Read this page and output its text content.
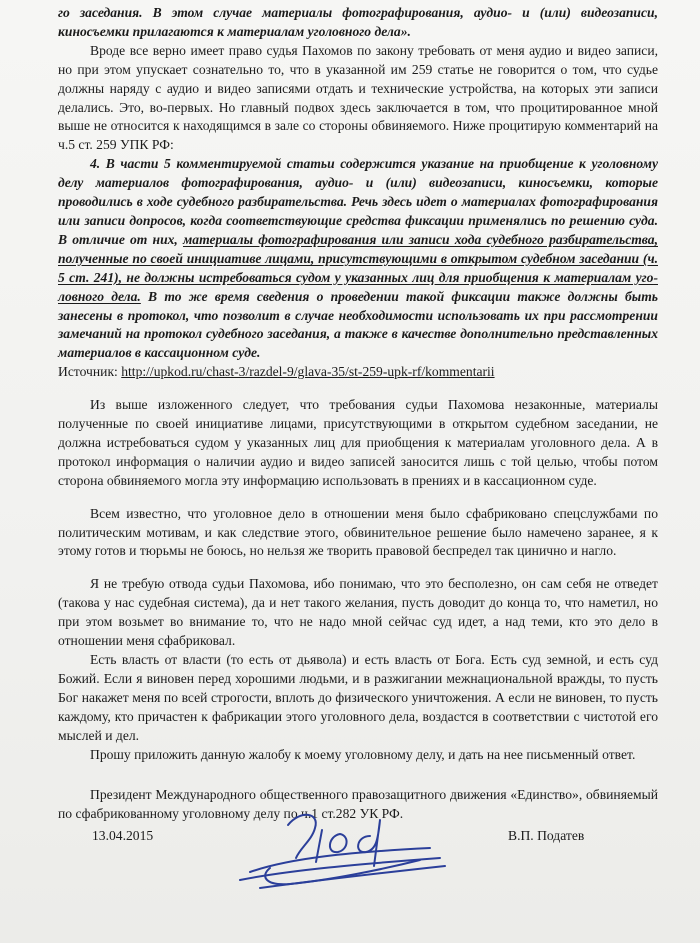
го заседания. В этом случае материалы фотографирования, аудио- и (или) видеозаписи, киносъемки прилагаются к материалам уголовного дела».

Вроде все верно имеет право судья Пахомов по закону требовать от меня аудио и видео записи, но при этом упускает сознательно то, что в указанной им 259 статье не говорится о том, что судье должны наряду с аудио и видео записями отдать и технические устройства, на которых эти записи делались. Это, во-первых. Но главный подвох здесь заключается в том, что процитированное мной выше не относится к находящимся в зале со стороны обвиняемого. Ниже процитирую комментарий на ч.5 ст. 259 УПК РФ:

4. В части 5 комментируемой статьи содержится указание на приобщение к уголовному делу материалов фотографирования, аудио- и (или) видеозаписи, киносъемки, которые проводились в ходе судебного разбирательства. Речь здесь идет о материалах фотографирования или записи допросов, когда соответствующие средства фиксации применялись по решению суда. В отличие от них, материалы фотографирования или записи хода судебного разбирательства, полученные по своей инициативе лицами, присутствующими в открытом судебном заседании (ч. 5 ст. 241), не должны истребоваться судом у указанных лиц для приобщения к материалам уголовного дела. В то же время сведения о проведении такой фиксации также должны быть занесены в протокол, что позволит в случае необходимости использовать их при рассмотрении замечаний на протокол судебного заседания, а также в качестве дополнительно представленных материалов в кассационном суде.

Источник: http://upkod.ru/chast-3/razdel-9/glava-35/st-259-upk-rf/kommentarii

Из выше изложенного следует, что требования судьи Пахомова незаконные, материалы полученные по своей инициативе лицами, присутствующими в открытом судебном заседании, не должна истребоваться судом у указанных лиц для приобщения к материалам уголовного дела. А в протокол информация о наличии аудио и видео записей заносится лишь с той целью, чтобы потом сторона обвиняемого могла эту информацию использовать в прениях и в кассационном суде.

Всем известно, что уголовное дело в отношении меня было сфабриковано спецслужбами по политическим мотивам, и как следствие этого, обвинительное решение было намечено заранее, я к этому готов и тюрьмы не боюсь, но нельзя же творить правовой беспредел так цинично и нагло.

Я не требую отвода судьи Пахомова, ибо понимаю, что это бесполезно, он сам себя не отведет (такова у нас судебная система), да и нет такого желания, пусть доводит до конца то, что наметил, но при этом возьмет во внимание то, что не надо мной сейчас суд идет, а над теми, кто это дело в отношении меня сфабриковал.

Есть власть от власти (то есть от дьявола) и есть власть от Бога. Есть суд земной, и есть суд Божий. Если я виновен перед хорошими людьми, и в разжигании межнациональной вражды, то пусть Бог накажет меня по всей строгости, вплоть до физического уничтожения. А если не виновен, то пусть каждому, кто причастен к фабрикации этого уголовного дела, воздастся в соответствии с чистотой его мыслей и дел.

Прошу приложить данную жалобу к моему уголовному делу, и дать на нее письменный ответ.

Президент Международного общественного правозащитного движения «Единство», обвиняемый по сфабрикованному уголовному делу по ч.1 ст.282 УК РФ.

13.04.2015	В.П. Податев
